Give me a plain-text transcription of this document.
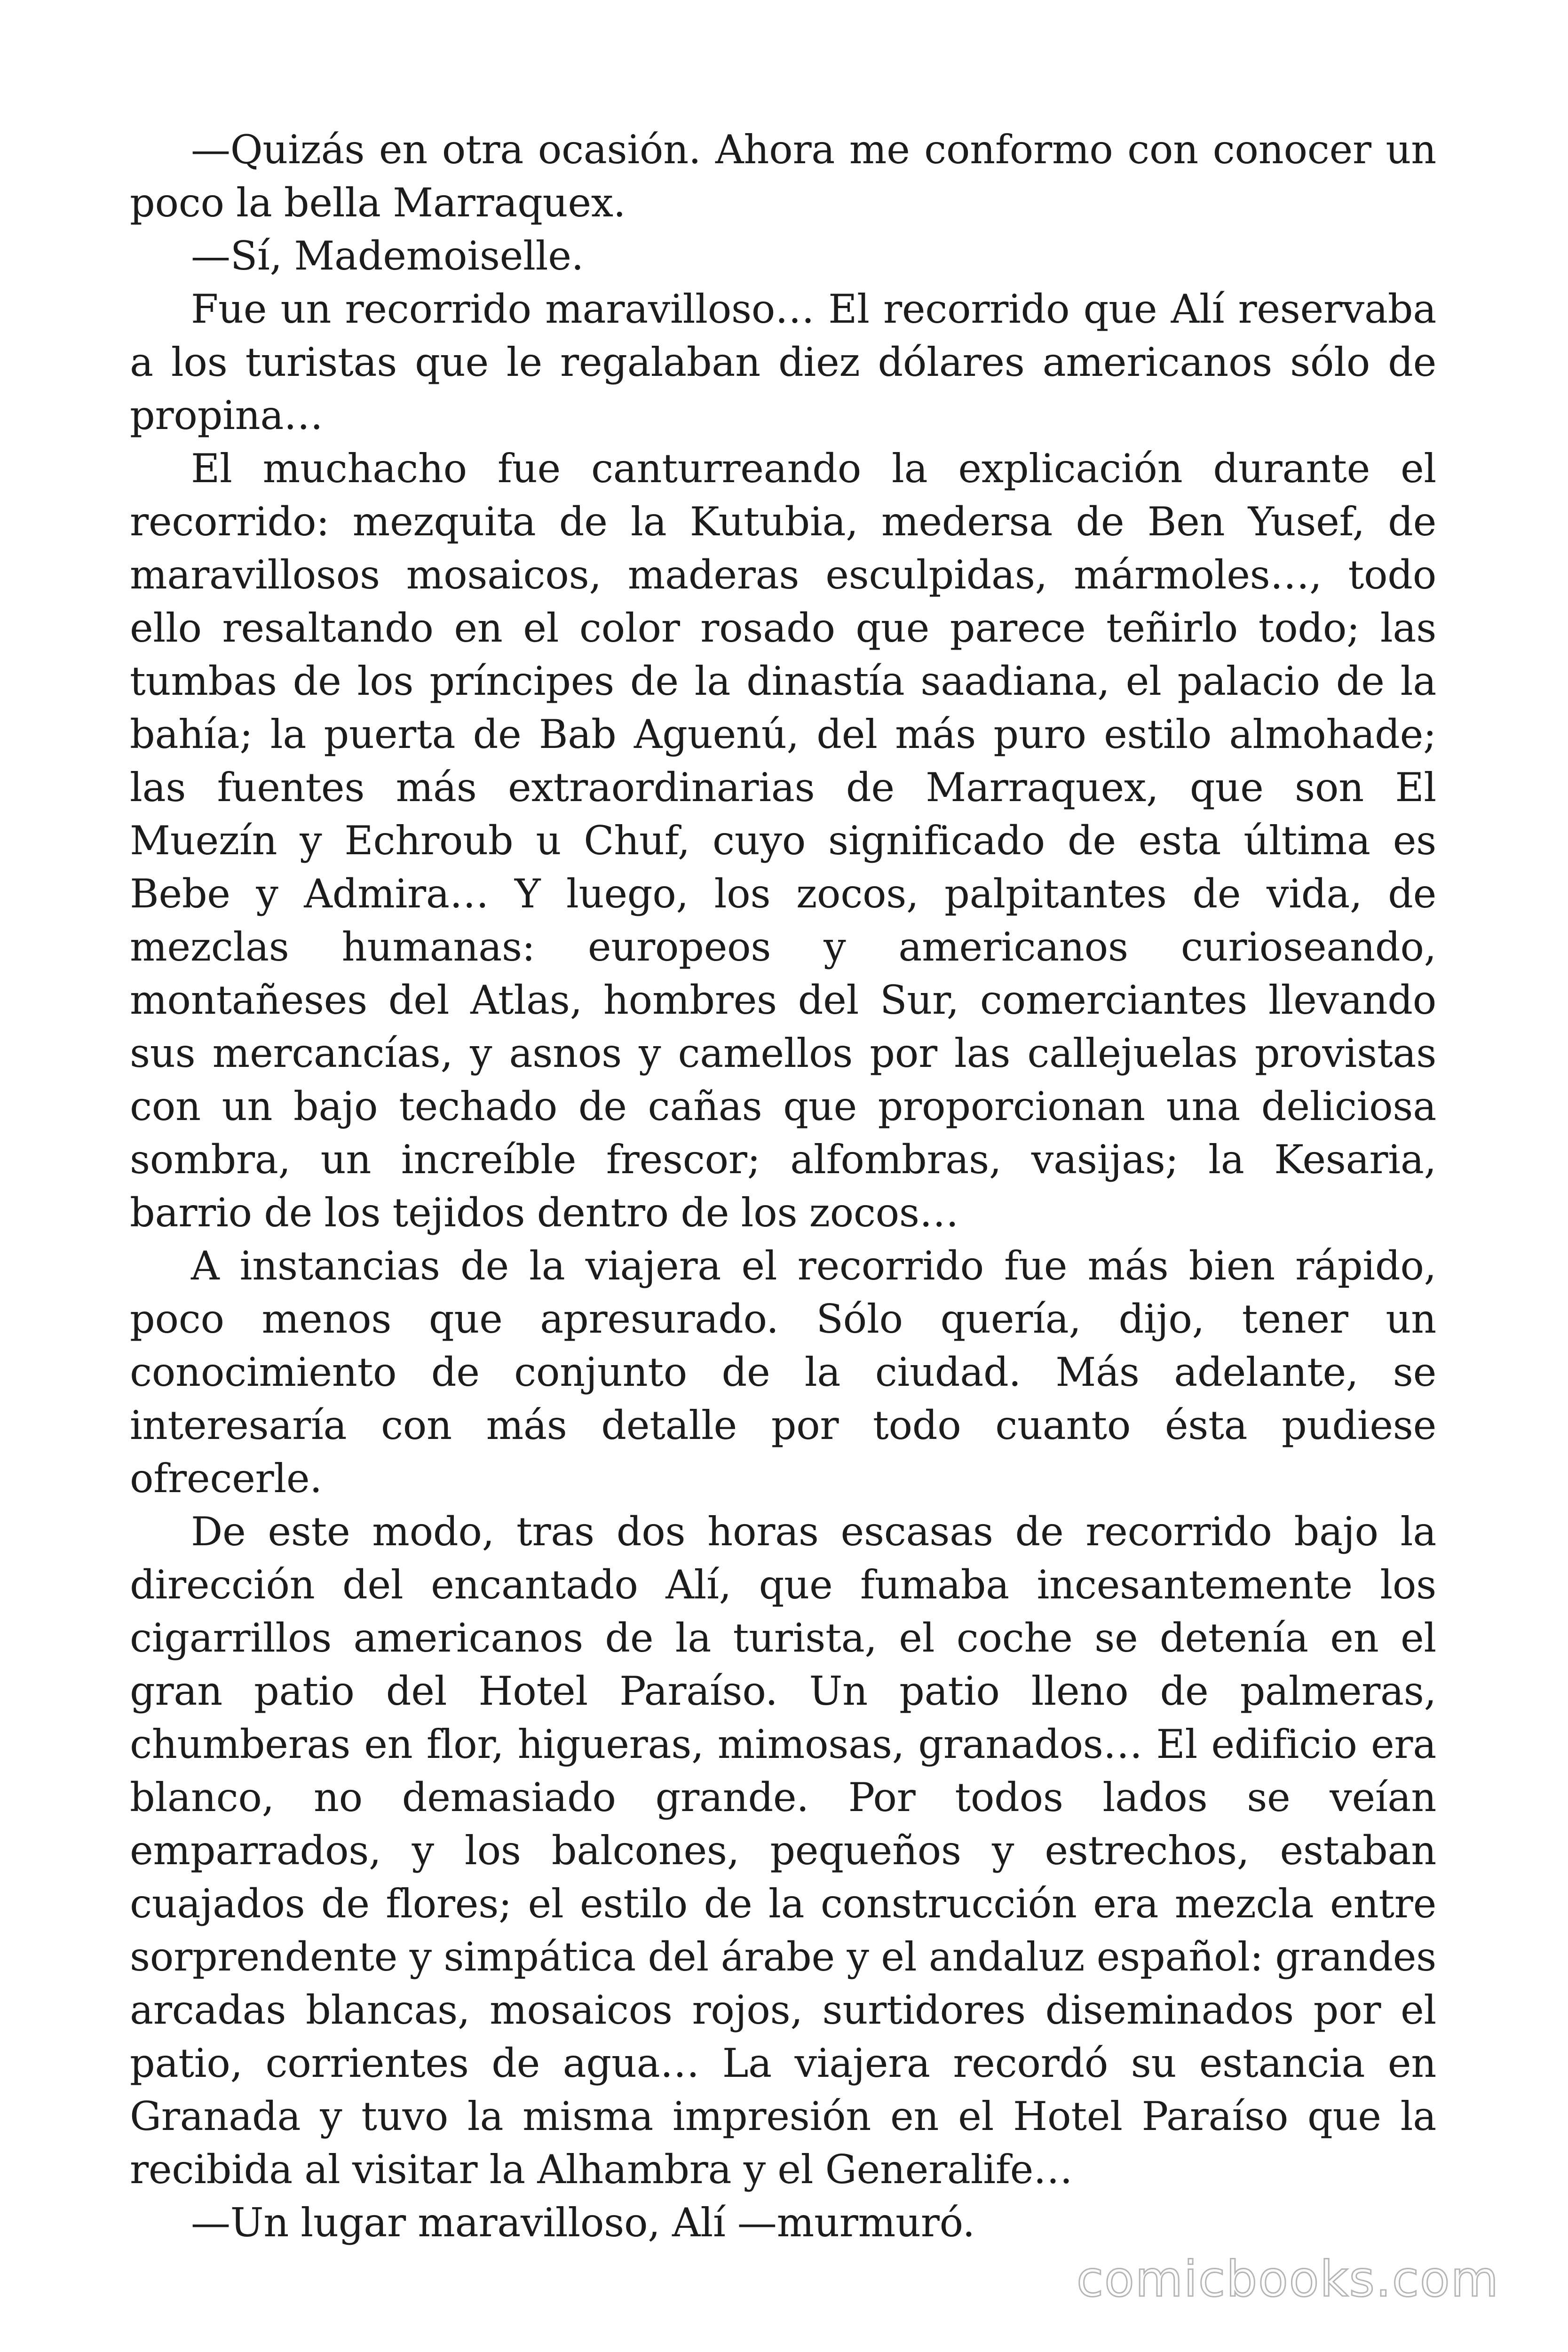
—Quizás en otra ocasión. Ahora me conformo con conocer un poco la bella Marraquex.

—Sí, Mademoiselle.

Fue un recorrido maravilloso… El recorrido que Alí reservaba a los turistas que le regalaban diez dólares americanos sólo de propina…

El muchacho fue canturreando la explicación durante el recorrido: mezquita de la Kutubia, medersa de Ben Yusef, de maravillosos mosaicos, maderas esculpidas, mármoles…, todo ello resaltando en el color rosado que parece teñirlo todo; las tumbas de los príncipes de la dinastía saadiana, el palacio de la bahía; la puerta de Bab Aguenú, del más puro estilo almohade; las fuentes más extraordinarias de Marraquex, que son El Muezín y Echroub u Chuf, cuyo significado de esta última es Bebe y Admira… Y luego, los zocos, palpitantes de vida, de mezclas humanas: europeos y americanos curioseando, montañeses del Atlas, hombres del Sur, comerciantes llevando sus mercancías, y asnos y camellos por las callejuelas provistas con un bajo techado de cañas que proporcionan una deliciosa sombra, un increíble frescor; alfombras, vasijas; la Kesaria, barrio de los tejidos dentro de los zocos…

A instancias de la viajera el recorrido fue más bien rápido, poco menos que apresurado. Sólo quería, dijo, tener un conocimiento de conjunto de la ciudad. Más adelante, se interesaría con más detalle por todo cuanto ésta pudiese ofrecerle.

De este modo, tras dos horas escasas de recorrido bajo la dirección del encantado Alí, que fumaba incesantemente los cigarrillos americanos de la turista, el coche se detenía en el gran patio del Hotel Paraíso. Un patio lleno de palmeras, chumberas en flor, higueras, mimosas, granados… El edificio era blanco, no demasiado grande. Por todos lados se veían emparrados, y los balcones, pequeños y estrechos, estaban cuajados de flores; el estilo de la construcción era mezcla entre sorprendente y simpática del árabe y el andaluz español: grandes arcadas blancas, mosaicos rojos, surtidores diseminados por el patio, corrientes de agua… La viajera recordó su estancia en Granada y tuvo la misma impresión en el Hotel Paraíso que la recibida al visitar la Alhambra y el Generalife…

—Un lugar maravilloso, Alí —murmuró.

comicbooks.com
